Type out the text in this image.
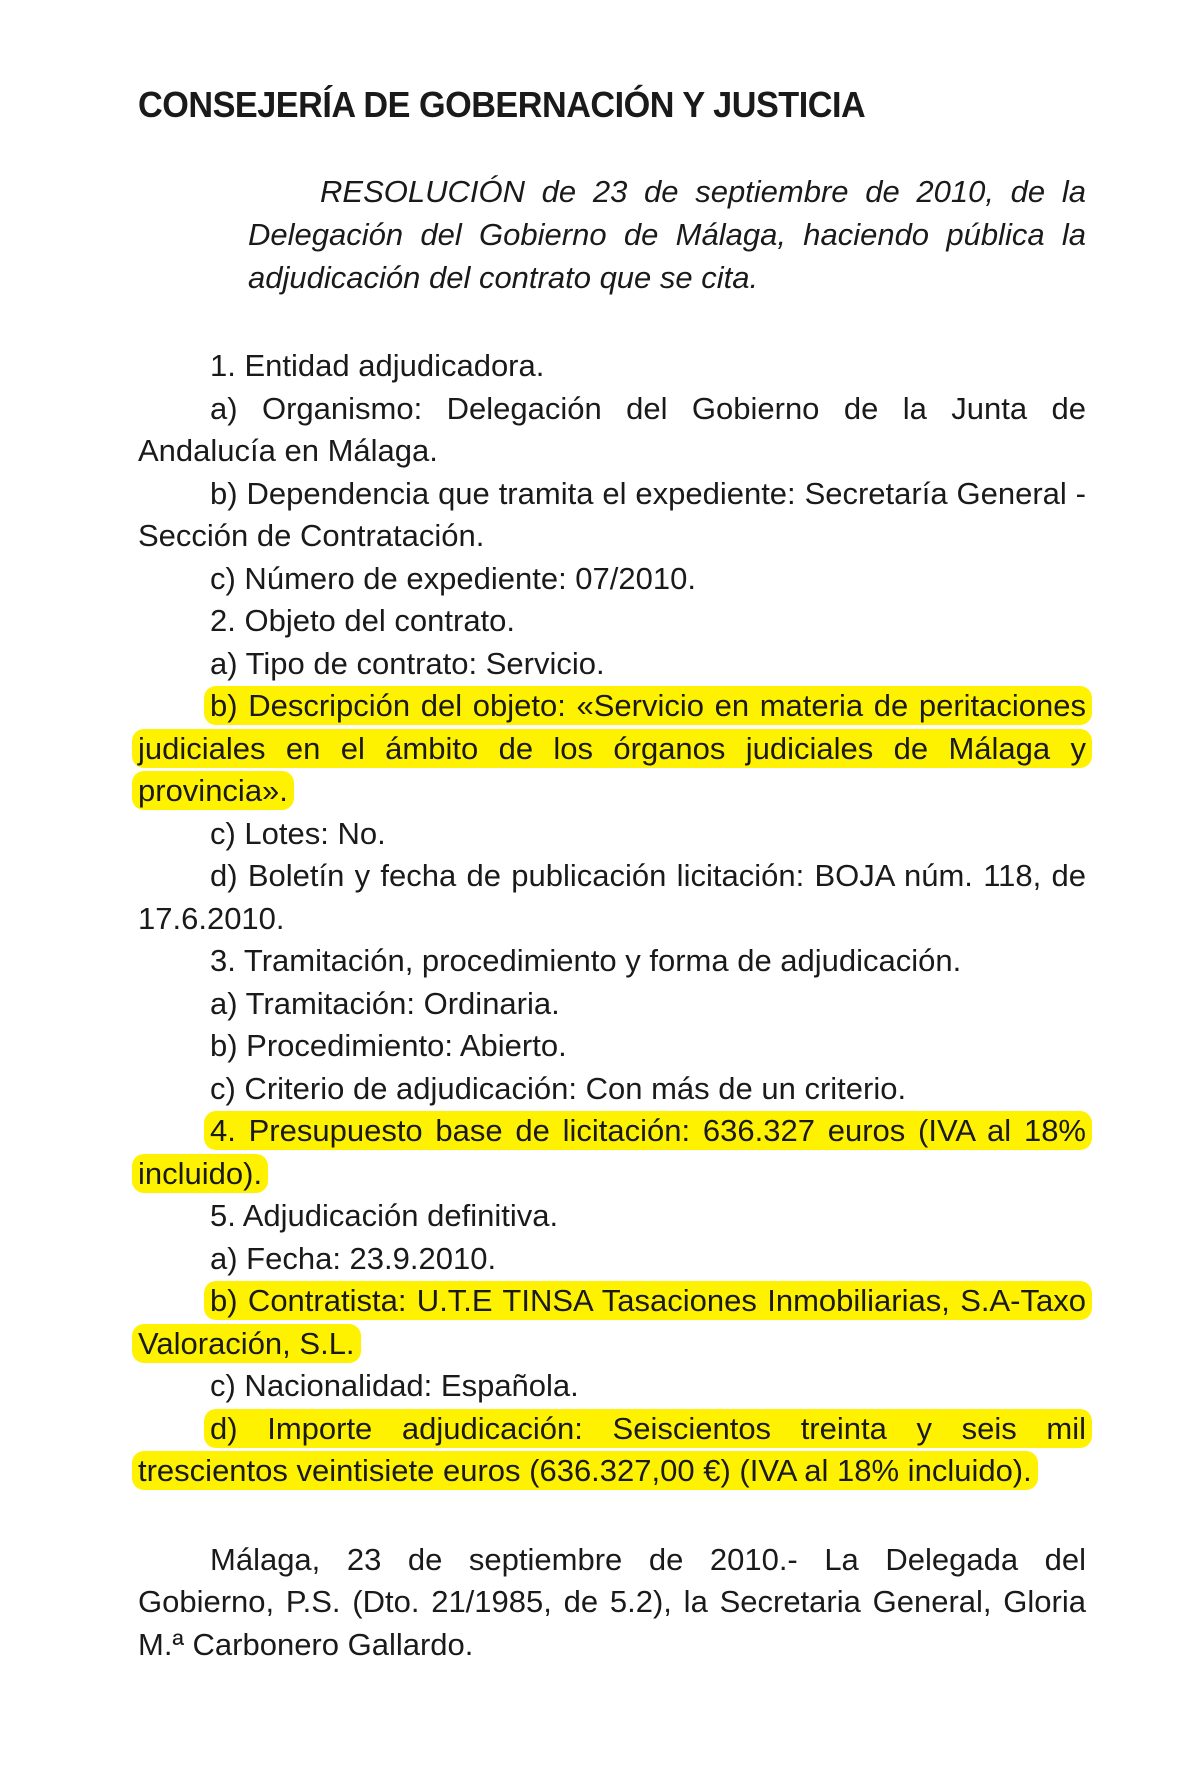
CONSEJERÍA DE GOBERNACIÓN Y JUSTICIA

RESOLUCIÓN de 23 de septiembre de 2010, de la Delegación del Gobierno de Málaga, haciendo pública la adjudicación del contrato que se cita.

1. Entidad adjudicadora.

a) Organismo: Delegación del Gobierno de la Junta de Andalucía en Málaga.

b) Dependencia que tramita el expediente: Secretaría General - Sección de Contratación.

c) Número de expediente: 07/2010.

2. Objeto del contrato.

a) Tipo de contrato: Servicio.

b) Descripción del objeto: «Servicio en materia de peritaciones judiciales en el ámbito de los órganos judiciales de Málaga y provincia».

c) Lotes: No.

d) Boletín y fecha de publicación licitación: BOJA núm. 118, de 17.6.2010.

3. Tramitación, procedimiento y forma de adjudicación.

a) Tramitación: Ordinaria.

b) Procedimiento: Abierto.

c) Criterio de adjudicación: Con más de un criterio.

4. Presupuesto base de licitación: 636.327 euros (IVA al 18% incluido).

5. Adjudicación definitiva.

a) Fecha: 23.9.2010.

b) Contratista: U.T.E TINSA Tasaciones Inmobiliarias, S.A-Taxo Valoración, S.L.

c) Nacionalidad: Española.

d) Importe adjudicación: Seiscientos treinta y seis mil trescientos veintisiete euros (636.327,00 €) (IVA al 18% incluido).

Málaga, 23 de septiembre de 2010.- La Delegada del Gobierno, P.S. (Dto. 21/1985, de 5.2), la Secretaria General, Gloria M.ª Carbonero Gallardo.
